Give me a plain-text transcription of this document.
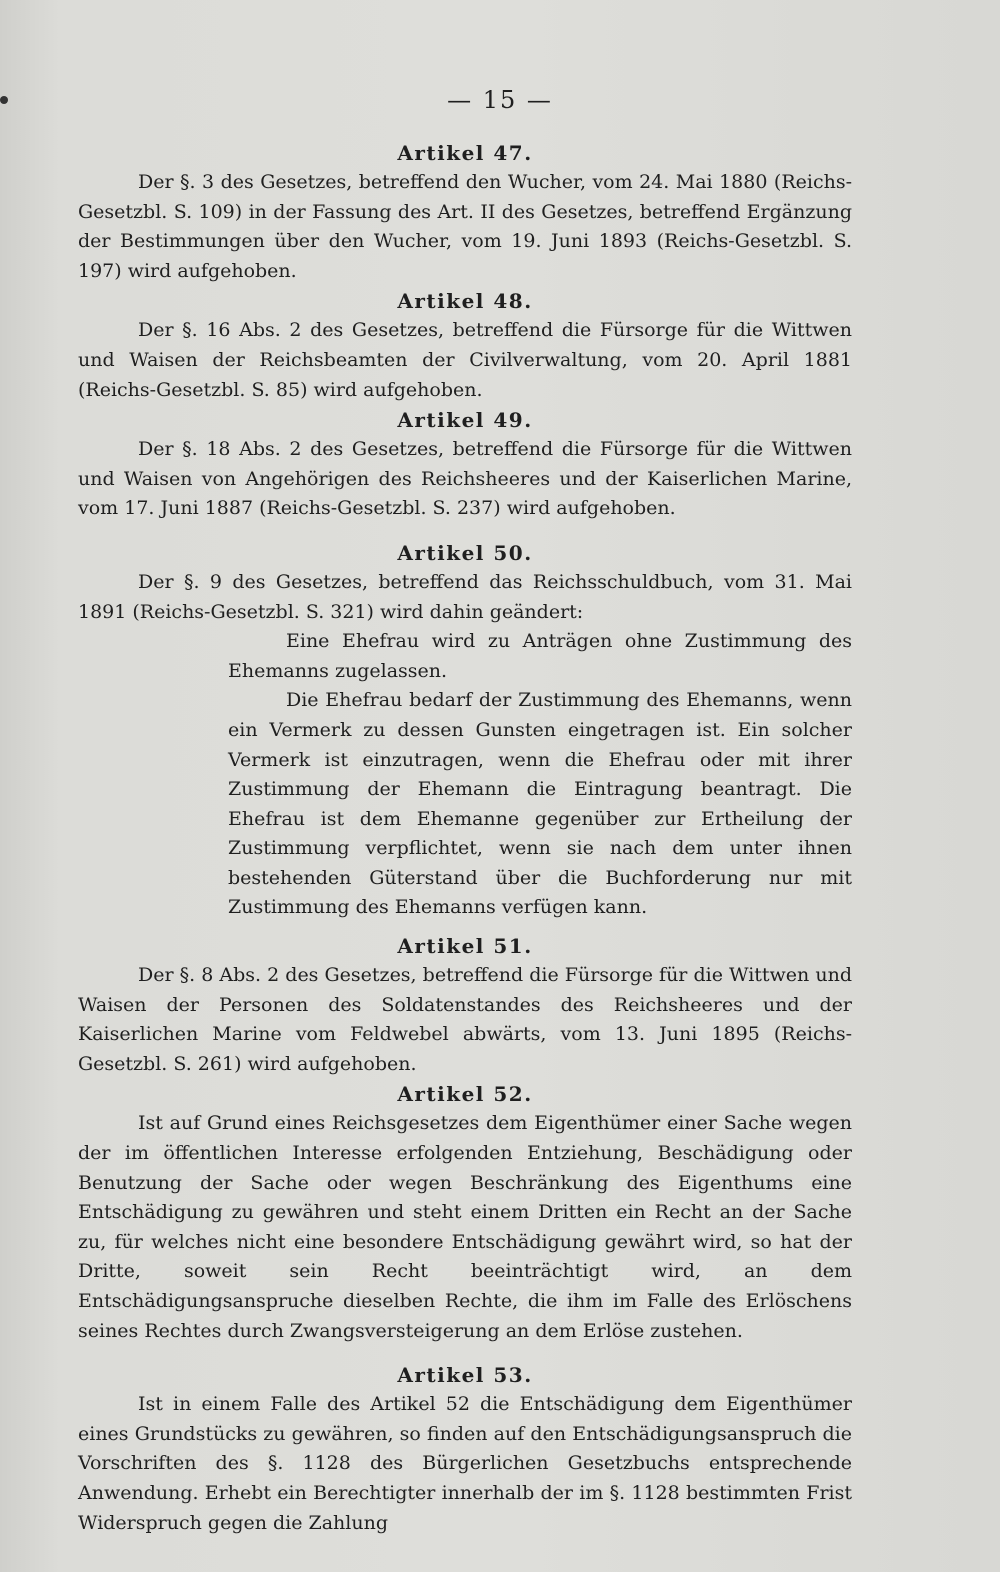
— 15 —
Artikel 47.

Der §. 3 des Gesetzes, betreffend den Wucher, vom 24. Mai 1880 (Reichs-Gesetzbl. S. 109) in der Fassung des Art. II des Gesetzes, betreffend Ergänzung der Bestimmungen über den Wucher, vom 19. Juni 1893 (Reichs-Gesetzbl. S. 197) wird aufgehoben.

Artikel 48.

Der §. 16 Abs. 2 des Gesetzes, betreffend die Fürsorge für die Wittwen und Waisen der Reichsbeamten der Civilverwaltung, vom 20. April 1881 (Reichs-Gesetzbl. S. 85) wird aufgehoben.

Artikel 49.

Der §. 18 Abs. 2 des Gesetzes, betreffend die Fürsorge für die Wittwen und Waisen von Angehörigen des Reichsheeres und der Kaiserlichen Marine, vom 17. Juni 1887 (Reichs-Gesetzbl. S. 237) wird aufgehoben.

Artikel 50.

Der §. 9 des Gesetzes, betreffend das Reichsschuldbuch, vom 31. Mai 1891 (Reichs-Gesetzbl. S. 321) wird dahin geändert:

Eine Ehefrau wird zu Anträgen ohne Zustimmung des Ehemanns zugelassen.

Die Ehefrau bedarf der Zustimmung des Ehemanns, wenn ein Vermerk zu dessen Gunsten eingetragen ist. Ein solcher Vermerk ist einzutragen, wenn die Ehefrau oder mit ihrer Zustimmung der Ehemann die Eintragung beantragt. Die Ehefrau ist dem Ehemanne gegenüber zur Ertheilung der Zustimmung verpflichtet, wenn sie nach dem unter ihnen bestehenden Güterstand über die Buchforderung nur mit Zustimmung des Ehemanns verfügen kann.

Artikel 51.

Der §. 8 Abs. 2 des Gesetzes, betreffend die Fürsorge für die Wittwen und Waisen der Personen des Soldatenstandes des Reichsheeres und der Kaiserlichen Marine vom Feldwebel abwärts, vom 13. Juni 1895 (Reichs-Gesetzbl. S. 261) wird aufgehoben.

Artikel 52.

Ist auf Grund eines Reichsgesetzes dem Eigenthümer einer Sache wegen der im öffentlichen Interesse erfolgenden Entziehung, Beschädigung oder Benutzung der Sache oder wegen Beschränkung des Eigenthums eine Entschädigung zu gewähren und steht einem Dritten ein Recht an der Sache zu, für welches nicht eine besondere Entschädigung gewährt wird, so hat der Dritte, soweit sein Recht beeinträchtigt wird, an dem Entschädigungsanspruche dieselben Rechte, die ihm im Falle des Erlöschens seines Rechtes durch Zwangsversteigerung an dem Erlöse zustehen.

Artikel 53.

Ist in einem Falle des Artikel 52 die Entschädigung dem Eigenthümer eines Grundstücks zu gewähren, so finden auf den Entschädigungsanspruch die Vorschriften des §. 1128 des Bürgerlichen Gesetzbuchs entsprechende Anwendung. Erhebt ein Berechtigter innerhalb der im §. 1128 bestimmten Frist Widerspruch gegen die Zahlung
